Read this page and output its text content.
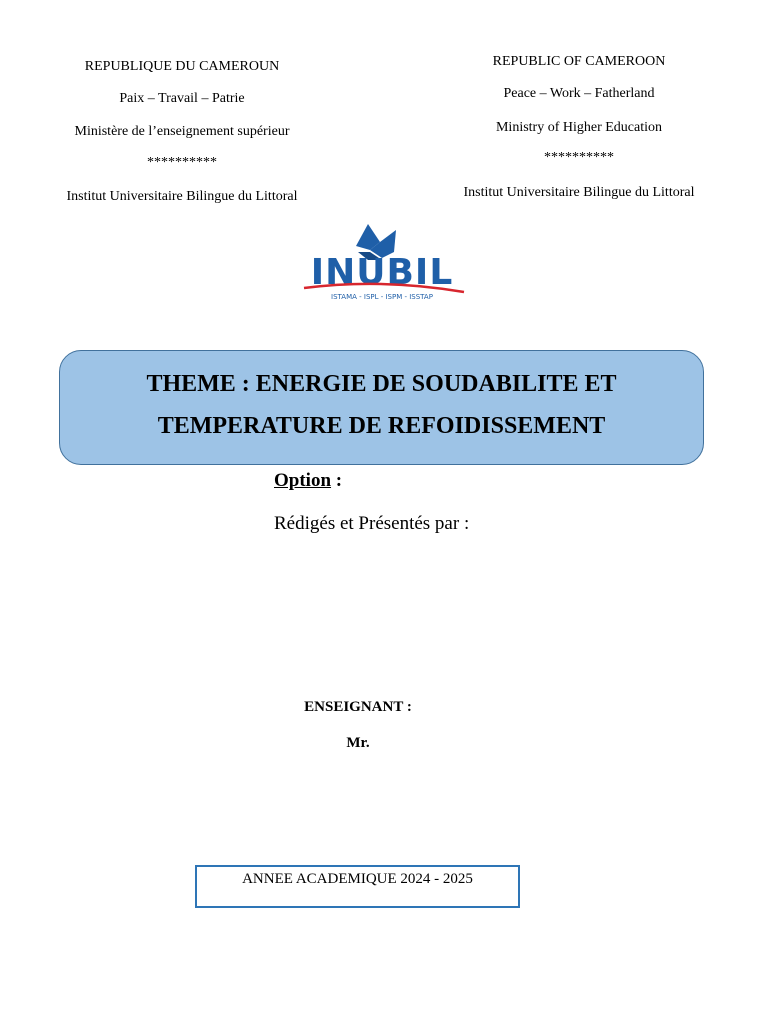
REPUBLIQUE DU CAMEROUN
Paix – Travail – Patrie
Ministère de l’enseignement supérieur
**********
Institut Universitaire Bilingue du Littoral
REPUBLIC OF CAMEROON
Peace – Work – Fatherland
Ministry of Higher Education
**********
Institut Universitaire Bilingue du Littoral
INUBIL
ISTAMA - ISPL - ISPM - ISSTAP
THEME : ENERGIE DE SOUDABILITE ET
TEMPERATURE DE REFOIDISSEMENT
Option :
Rédigés et Présentés par :
ENSEIGNANT :
Mr.
ANNEE ACADEMIQUE 2024 - 2025
